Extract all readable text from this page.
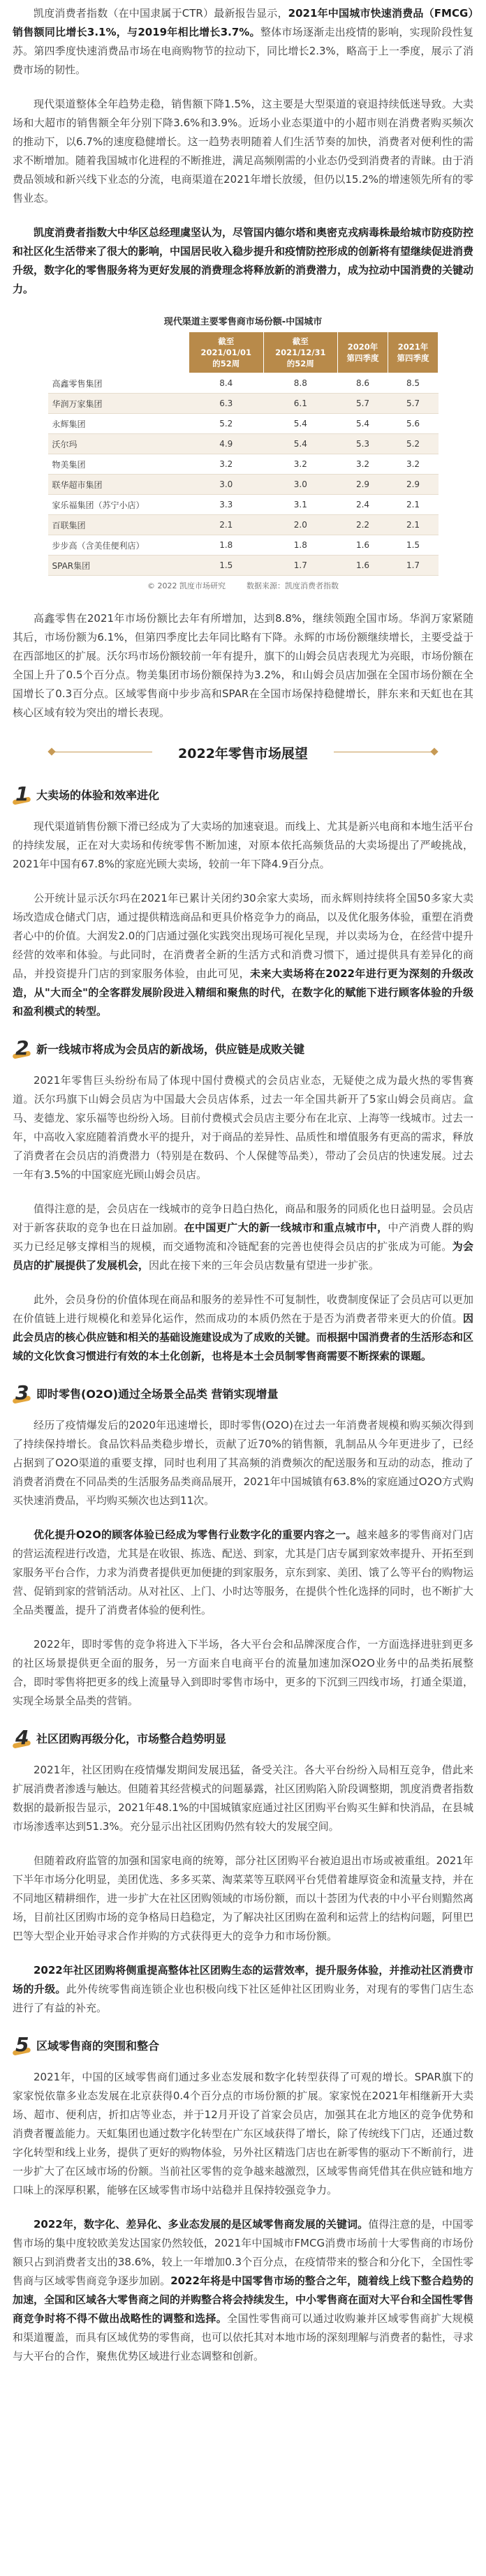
凯度消费者指数（在中国隶属于CTR）最新报告显示，2021年中国城市快速消费品（FMCG）销售额同比增长3.1%，与2019年相比增长3.7%。整体市场逐渐走出疫情的影响，实现阶段性复苏。第四季度快速消费品市场在电商购物节的拉动下，同比增长2.3%，略高于上一季度，展示了消费市场的韧性。

现代渠道整体全年趋势走稳，销售额下降1.5%，这主要是大型渠道的衰退持续低迷导致。大卖场和大超市的销售额全年分别下降3.6%和3.9%。近场小业态渠道中的小超市则在消费者购买频次的推动下，以6.7%的速度稳健增长。这一趋势表明随着人们生活节奏的加快，消费者对便利性的需求不断增加。随着我国城市化进程的不断推进，满足高频刚需的小业态仍受到消费者的青睐。由于消费品领域和新兴线下业态的分流，电商渠道在2021年增长放缓，但仍以15.2%的增速领先所有的零售业态。

凯度消费者指数大中华区总经理虞坚认为，尽管国内德尔塔和奥密克戎病毒株最给城市防疫防控和社区化生活带来了很大的影响，中国居民收入稳步提升和疫情防控形成的创新将有望继续促进消费升级，数字化的零售服务将为更好发展的消费理念将释放新的消费潜力，成为拉动中国消费的关键动力。

现代渠道主要零售商市场份额-中国城市
	截至
2021/01/01
的52周	截至
2021/12/31
的52周	2020年
第四季度	2021年
第四季度
高鑫零售集团	8.4	8.8	8.6	8.5
华润万家集团	6.3	6.1	5.7	5.7
永辉集团	5.2	5.4	5.4	5.6
沃尔玛	4.9	5.4	5.3	5.2
物美集团	3.2	3.2	3.2	3.2
联华超市集团	3.0	3.0	2.9	2.9
家乐福集团（苏宁小店）	3.3	3.1	2.4	2.1
百联集团	2.1	2.0	2.2	2.1
步步高（含美佳便利店）	1.8	1.8	1.6	1.5
SPAR集团	1.5	1.7	1.6	1.7
© 2022 凯度市场研究	数据来源：凯度消费者指数

高鑫零售在2021年市场份额比去年有所增加，达到8.8%，继续领跑全国市场。华润万家紧随其后，市场份额为6.1%，但第四季度比去年同比略有下降。永辉的市场份额继续增长，主要受益于在西部地区的扩展。沃尔玛市场份额较前一年有提升，旗下的山姆会员店表现尤为亮眼，市场份额在全国上升了0.5个百分点。物美集团市场份额保持为3.2%，和山姆会员店加强在全国市场份额在全国增长了0.3百分点。区域零售商中步步高和SPAR在全国市场保持稳健增长，胖东来和天虹也在其核心区域有较为突出的增长表现。

2022年零售市场展望
1 大卖场的体验和效率进化

现代渠道销售份额下滑已经成为了大卖场的加速衰退。而线上、尤其是新兴电商和本地生活平台的持续发展，正在对大卖场和传统零售不断加速，对原本依托高频货品的大卖场提出了严峻挑战，2021年中国有67.8%的家庭光顾大卖场，较前一年下降4.9百分点。

公开统计显示沃尔玛在2021年已累计关闭约30余家大卖场，而永辉则持续将全国50多家大卖场改造成仓储式门店，通过提供精选商品和更具价格竞争力的商品，以及优化服务体验，重塑在消费者心中的价值。大润发2.0的门店通过强化实践突出现场可视化呈现，并以卖场为仓，在经营中提升经营的效率和体验。与此同时，在消费者全新的生活方式和消费习惯下，通过提供具有差异化的商品，并投资提升门店的到家服务体验，由此可见，未来大卖场将在2022年进行更为深刻的升级改造，从"大而全"的全客群发展阶段进入精细和聚焦的时代，在数字化的赋能下进行顾客体验的升级和盈利模式的转型。

2 新一线城市将成为会员店的新战场，供应链是成败关键

2021年零售巨头纷纷布局了体现中国付费模式的会员店业态，无疑使之成为最火热的零售赛道。沃尔玛旗下山姆会员店为中国最大会员店体系，过去一年全国共新开了5家山姆会员商店。盒马、麦德龙、家乐福等也纷纷入场。目前付费模式会员店主要分布在北京、上海等一线城市。过去一年，中高收入家庭随着消费水平的提升，对于商品的差异性、品质性和增值服务有更高的需求，释放了消费者在会员店的消费潜力（特别是在数码、个人保健等品类），带动了会员店的快速发展。过去一年有3.5%的中国家庭光顾山姆会员店。

值得注意的是，会员店在一线城市的竞争日趋白热化，商品和服务的同质化也日益明显。会员店对于新客获取的竞争也在日益加剧。在中国更广大的新一线城市和重点城市中，中产消费人群的购买力已经足够支撑相当的规模，而交通物流和冷链配套的完善也使得会员店的扩张成为可能。为会员店的扩展提供了发展机会，因此在接下来的三年会员店数量有望进一步扩张。

此外，会员身份的价值体现在商品和服务的差异性不可复制性，收费制度保证了会员店可以更加在价值链上进行规模化和差异化运作，然而成功的本质仍然在于是否为消费者带来更大的价值。因此会员店的核心供应链和相关的基础设施建设成为了成败的关键。而根据中国消费者的生活形态和区域的文化饮食习惯进行有效的本土化创新，也将是本土会员制零售商需要不断探索的课题。

3 即时零售(O2O)通过全场景全品类 营销实现增量

经历了疫情爆发后的2020年迅速增长，即时零售(O2O)在过去一年消费者规模和购买频次得到了持续保持增长。食品饮料品类稳步增长，贡献了近70%的销售额，乳制品从今年更进步了，已经占据到了O2O渠道的重要支撑，同时也利用了其高频的消费频次的配送服务和互动的动态，推动了消费者消费在不同品类的生活服务品类商品展开，2021年中国城镇有63.8%的家庭通过O2O方式购买快速消费品，平均购买频次也达到11次。

优化提升O2O的顾客体验已经成为零售行业数字化的重要内容之一。越来越多的零售商对门店的营运流程进行改造，尤其是在收银、拣选、配送、到家，尤其是门店专属到家效率提升、开拓至到家服务平台合作，力求为消费者提供更加便捷的到家服务，京东到家、美团、饿了么等平台的购物运营、促销到家的营销活动。从对社区、上门、小时达等服务，在提供个性化选择的同时，也不断扩大全品类覆盖，提升了消费者体验的便利性。

2022年，即时零售的竞争将进入下半场，各大平台会和品牌深度合作，一方面选择进驻到更多的社区场景提供更全面的服务，另一方面来自电商平台的流量加速加深O2O业务中的品类拓展整合，即时零售将把更多的线上流量导入到即时零售市场中，更多的下沉到三四线市场，打通全渠道，实现全场景全品类的营销。

4 社区团购再级分化，市场整合趋势明显

2021年，社区团购在疫情爆发期间发展迅猛，备受关注。各大平台纷纷入局相互竞争，借此来扩展消费者渗透与触达。但随着其经营模式的问题暴露，社区团购陷入阶段调整期，凯度消费者指数数据的最新报告显示，2021年48.1%的中国城镇家庭通过社区团购平台购买生鲜和快消品，在县城市场渗透率达到51.3%。充分显示出社区团购仍然有较大的发展空间。

但随着政府监管的加强和国家电商的统筹，部分社区团购平台被迫退出市场或被重组。2021年下半年市场分化明显，美团优选、多多买菜、淘菜菜等互联网平台凭借着雄厚资金和流量支持，并在不同地区精耕细作，进一步扩大在社区团购领域的市场份额，而以十荟团为代表的中小平台则黯然离场，目前社区团购市场的竞争格局日趋稳定，为了解决社区团购在盈利和运营上的结构问题，阿里巴巴等大型企业开始寻求合作并购的方式获得更大的竞争力和市场份额。

2022年社区团购将侧重提高整体社区团购生态的运营效率，提升服务体验，并推动社区消费市场的升级。此外传统零售商连锁企业也积极向线下社区延伸社区团购业务，对现有的零售门店生态进行了有益的补充。

5 区域零售商的突围和整合

2021年，中国的区域零售商们通过多业态发展和数字化转型获得了可观的增长。SPAR旗下的家家悦依靠多业态发展在北京获得0.4个百分点的市场份额的扩展。家家悦在2021年相继新开大卖场、超市、便利店，折扣店等业态，并于12月开设了首家会员店，加强其在北方地区的竞争优势和消费者覆盖能力。天虹集团也通过数字化转型在广东区域获得了增长，除了传统线下门店，还通过数字化转型和线上业务，提供了更好的购物体验，另外社区精选门店也在新零售的驱动下不断前行，进一步扩大了在区域市场的份额。当前社区零售的竞争越来越激烈，区域零售商凭借其在供应链和地方口味上的深厚积累，能够在区域零售市场中站稳并且保持较强竞争力。

2022年，数字化、差异化、多业态发展的是区域零售商发展的关键词。值得注意的是，中国零售市场的集中度较欧美发达国家仍然较低，2021年中国城市FMCG消费市场前十大零售商的市场份额只占到消费者支出的38.6%，较上一年增加0.3个百分点，在疫情带来的整合和分化下，全国性零售商与区域零售商竞争逐步加剧。2022年将是中国零售市场的整合之年，随着线上线下整合趋势的加速，全国和区域各大零售商之间的并购整合将会持续发生，中小零售商在面对大平台和全国性零售商竞争时将不得不做出战略性的调整和选择。全国性零售商可以通过收购兼并区域零售商扩大规模和渠道覆盖，而具有区域优势的零售商，也可以依托其对本地市场的深刻理解与消费者的黏性，寻求与大平台的合作，聚焦优势区域进行业态调整和创新。
